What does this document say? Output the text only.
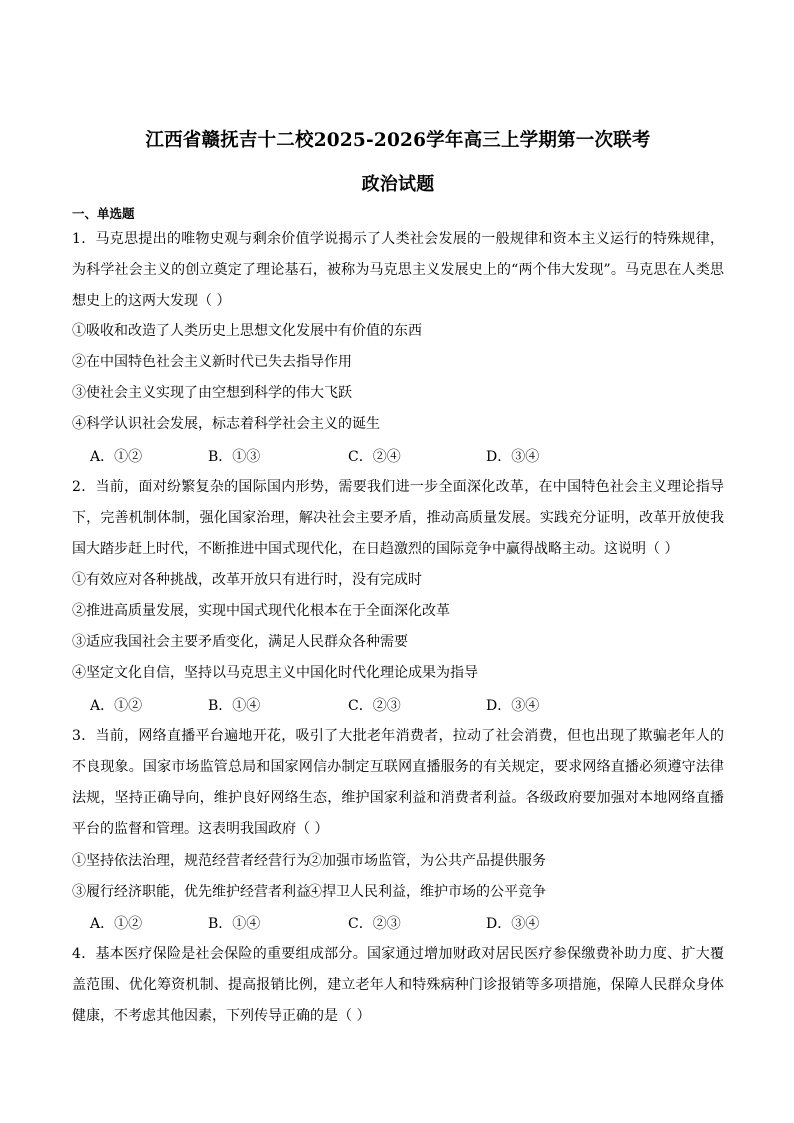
江西省赣抚吉十二校2025-2026学年高三上学期第一次联考
政治试题
一、单选题
1．马克思提出的唯物史观与剩余价值学说揭示了人类社会发展的一般规律和资本主义运行的特殊规律，为科学社会主义的创立奠定了理论基石，被称为马克思主义发展史上的“两个伟大发现”。马克思在人类思想史上的这两大发现（ ）
①吸收和改造了人类历史上思想文化发展中有价值的东西
②在中国特色社会主义新时代已失去指导作用
③使社会主义实现了由空想到科学的伟大飞跃
④科学认识社会发展，标志着科学社会主义的诞生
A．①②	B．①③	C．②④	D．③④
2．当前，面对纷繁复杂的国际国内形势，需要我们进一步全面深化改革，在中国特色社会主义理论指导下，完善机制体制，强化国家治理，解决社会主要矛盾，推动高质量发展。实践充分证明，改革开放使我国大踏步赶上时代，不断推进中国式现代化，在日趋激烈的国际竞争中赢得战略主动。这说明（ ）
①有效应对各种挑战，改革开放只有进行时，没有完成时
②推进高质量发展，实现中国式现代化根本在于全面深化改革
③适应我国社会主要矛盾变化，满足人民群众各种需要
④坚定文化自信，坚持以马克思主义中国化时代化理论成果为指导
A．①②	B．①④	C．②③	D．③④
3．当前，网络直播平台遍地开花，吸引了大批老年消费者，拉动了社会消费，但也出现了欺骗老年人的不良现象。国家市场监管总局和国家网信办制定互联网直播服务的有关规定，要求网络直播必须遵守法律法规，坚持正确导向，维护良好网络生态，维护国家利益和消费者利益。各级政府要加强对本地网络直播平台的监督和管理。这表明我国政府（ ）
①坚持依法治理，规范经营者经营行为
②加强市场监管，为公共产品提供服务
③履行经济职能，优先维护经营者利益
④捍卫人民利益，维护市场的公平竞争
A．①②	B．①④	C．②③	D．③④
4．基本医疗保险是社会保险的重要组成部分。国家通过增加财政对居民医疗参保缴费补助力度、扩大覆盖范围、优化筹资机制、提高报销比例，建立老年人和特殊病种门诊报销等多项措施，保障人民群众身体健康，不考虑其他因素，下列传导正确的是（ ）
